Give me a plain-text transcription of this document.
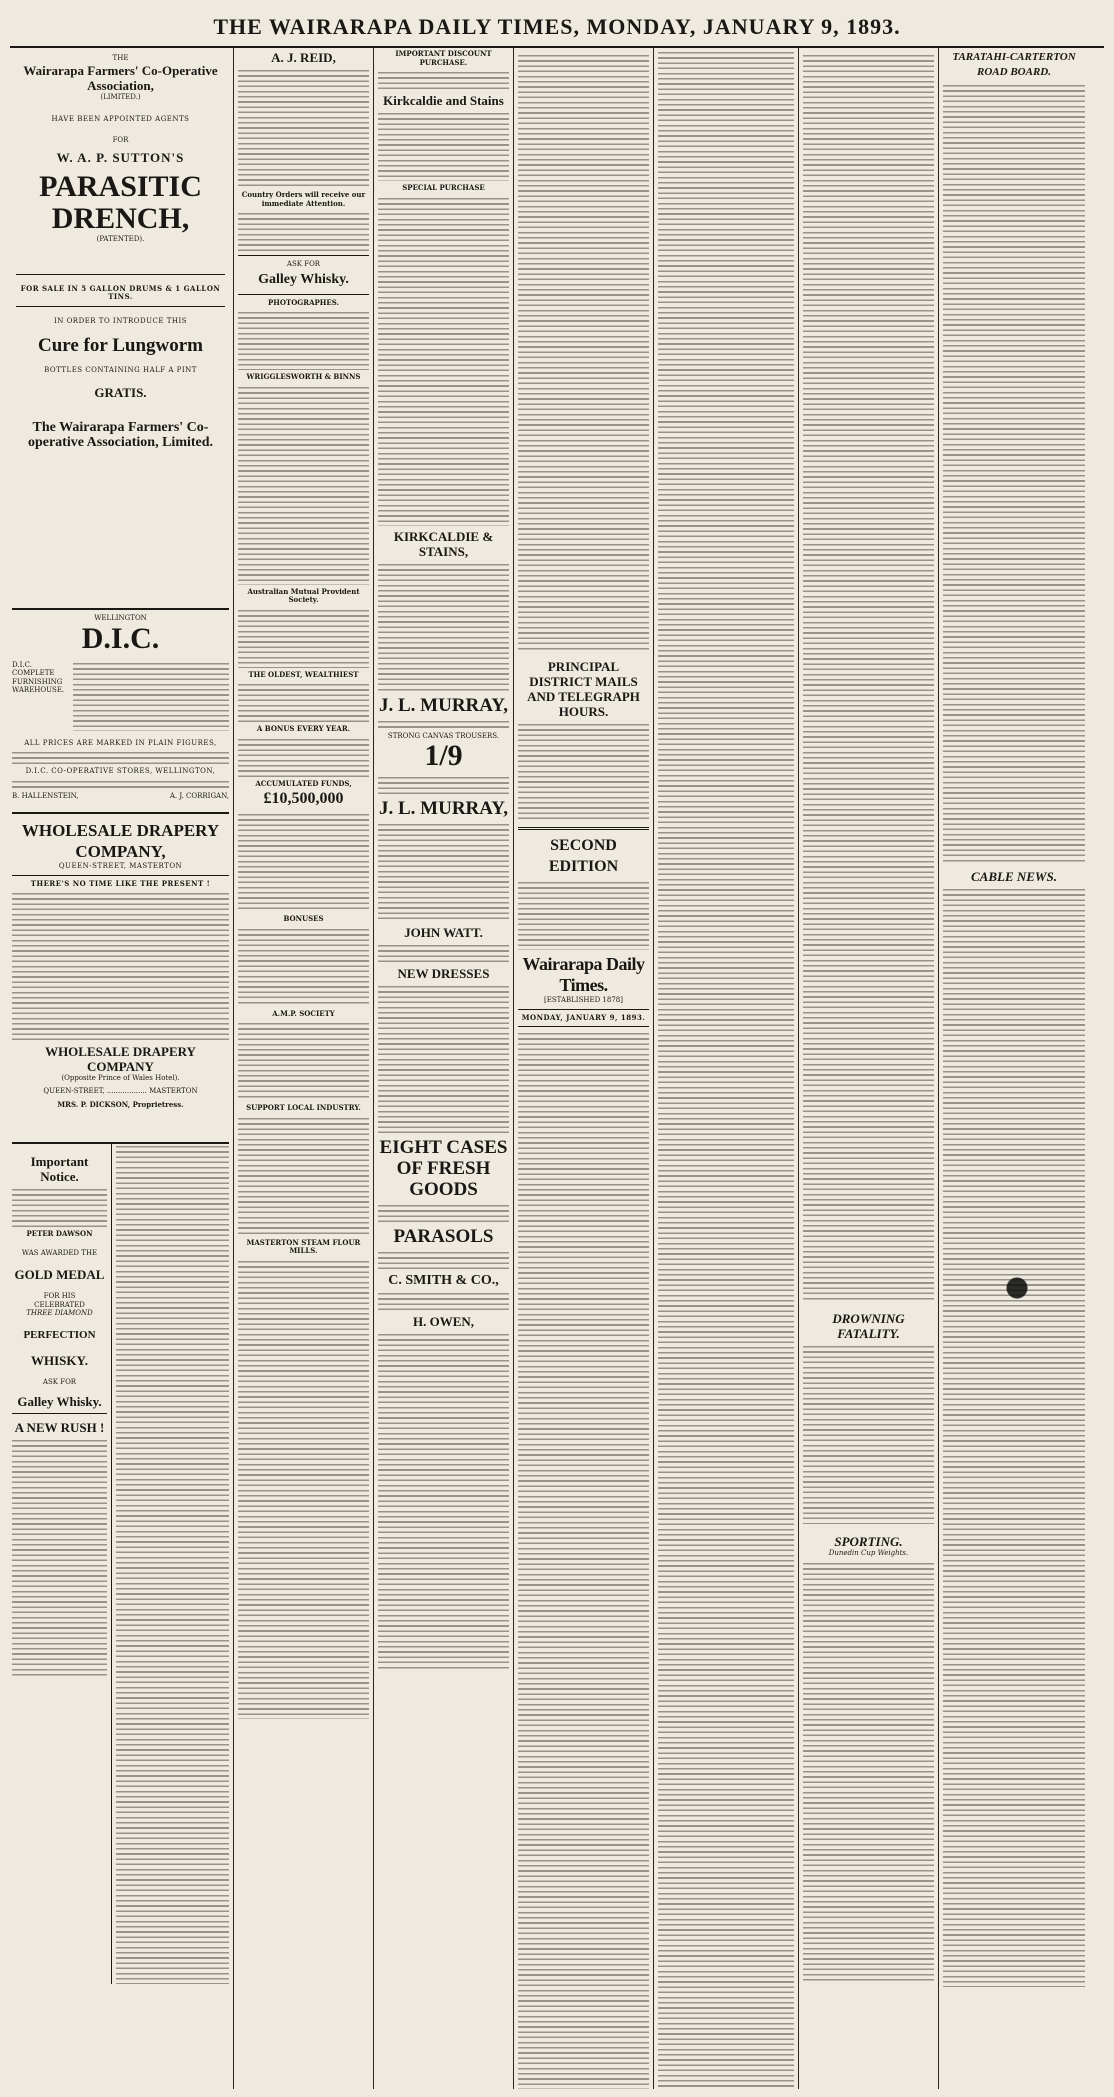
THE WAIRARAPA DAILY TIMES, MONDAY, JANUARY 9, 1893.
THE
Wairarapa Farmers' Co-Operative Association,
(LIMITED.)
HAVE BEEN APPOINTED AGENTS
FOR
W. A. P. SUTTON'S
PARASITIC DRENCH,
(PATENTED).
FOR SALE IN 5 GALLON DRUMS & 1 GALLON TINS.
IN ORDER TO INTRODUCE THIS
Cure for Lungworm
BOTTLES CONTAINING HALF A PINT
GRATIS.
The Wairarapa Farmers' Co-operative Association, Limited.
WELLINGTON
D.I.C.
D.I.C. COMPLETE FURNISHING WAREHOUSE.
ALL PRICES ARE MARKED IN PLAIN FIGURES,
D.I.C. CO-OPERATIVE STORES, WELLINGTON,
B. HALLENSTEIN,	A. J. CORRIGAN,
WHOLESALE DRAPERY COMPANY,
QUEEN-STREET, MASTERTON
THERE'S NO TIME LIKE THE PRESENT !
WHOLESALE DRAPERY COMPANY
(Opposite Prince of Wales Hotel).
QUEEN-STREET, .................. MASTERTON
MRS. P. DICKSON, Proprietress.
Important Notice.
PETER DAWSON
WAS AWARDED THE
GOLD MEDAL
FOR HIS
CELEBRATED
THREE DIAMOND
PERFECTION
WHISKY.
ASK FOR
Galley Whisky.
A NEW RUSH !
A. J. REID,
Country Orders will receive our immediate Attention.
ASK FOR
Galley Whisky.
PHOTOGRAPHES.
WRIGGLESWORTH & BINNS
Australian Mutual Provident Society.
THE OLDEST, WEALTHIEST
A BONUS EVERY YEAR.
ACCUMULATED FUNDS,
£10,500,000
BONUSES
A.M.P. SOCIETY
SUPPORT LOCAL INDUSTRY.
MASTERTON STEAM FLOUR MILLS.
IMPORTANT DISCOUNT PURCHASE.
Kirkcaldie and Stains
SPECIAL PURCHASE
KIRKCALDIE & STAINS,
J. L. MURRAY,
STRONG CANVAS TROUSERS.
1/9
J. L. MURRAY,
JOHN WATT.
NEW DRESSES
EIGHT CASES
OF FRESH GOODS
PARASOLS
C. SMITH & CO.,
H. OWEN,
PRINCIPAL DISTRICT MAILS AND TELEGRAPH HOURS.
SECOND EDITION
Wairarapa Daily Times.
[ESTABLISHED 1878]
MONDAY, JANUARY 9, 1893.
DROWNING FATALITY.
SPORTING.
Dunedin Cup Weights.
TARATAHI-CARTERTON ROAD BOARD.
CABLE NEWS.
